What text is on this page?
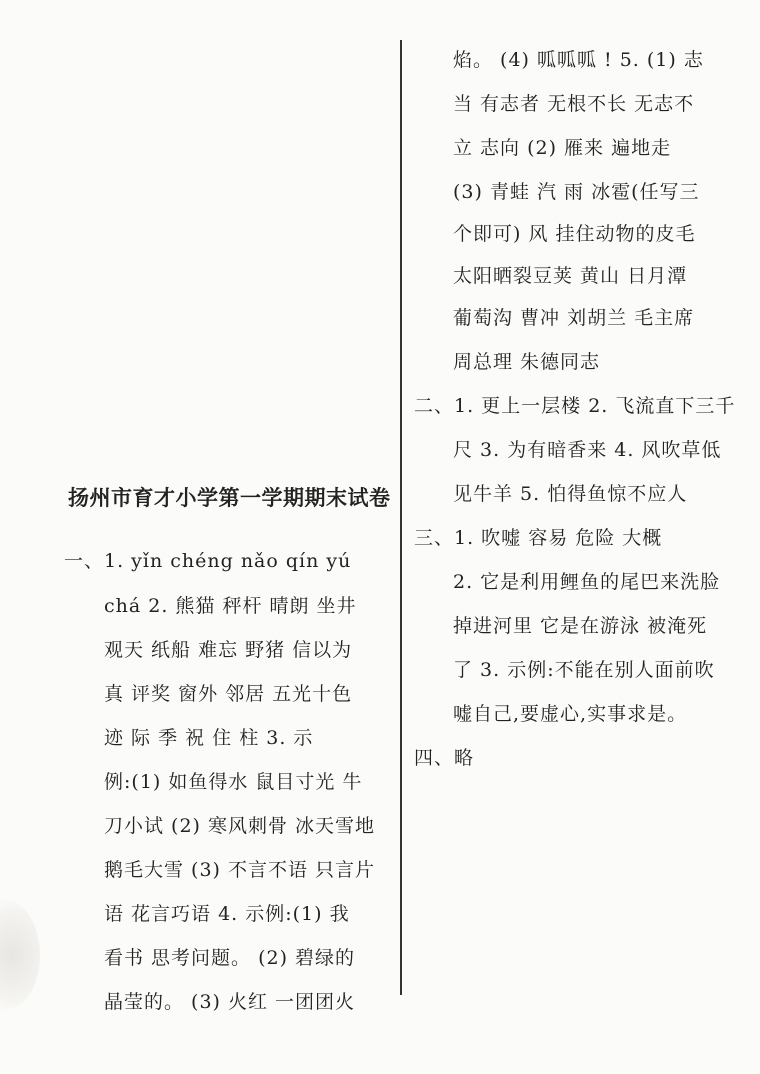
扬州市育才小学第一学期期末试卷
一、1. yǐn chéng nǎo qín yú
chá 2. 熊猫 秤杆 晴朗 坐井
观天 纸船 难忘 野猪 信以为
真 评奖 窗外 邻居 五光十色
迹 际 季 祝 住 柱 3. 示
例:(1) 如鱼得水 鼠目寸光 牛
刀小试 (2) 寒风刺骨 冰天雪地
鹅毛大雪 (3) 不言不语 只言片
语 花言巧语 4. 示例:(1) 我
看书 思考问题。 (2) 碧绿的
晶莹的。 (3) 火红 一团团火
焰。 (4) 呱呱呱 ! 5. (1) 志
当 有志者 无根不长 无志不
立 志向 (2) 雁来 遍地走
(3) 青蛙 汽 雨 冰雹(任写三
个即可) 风 挂住动物的皮毛
太阳晒裂豆荚 黄山 日月潭
葡萄沟 曹冲 刘胡兰 毛主席
周总理 朱德同志
二、1. 更上一层楼 2. 飞流直下三千
尺 3. 为有暗香来 4. 风吹草低
见牛羊 5. 怕得鱼惊不应人
三、1. 吹嘘 容易 危险 大概
2. 它是利用鲤鱼的尾巴来洗脸
掉进河里 它是在游泳 被淹死
了 3. 示例:不能在别人面前吹
嘘自己,要虚心,实事求是。
四、略
